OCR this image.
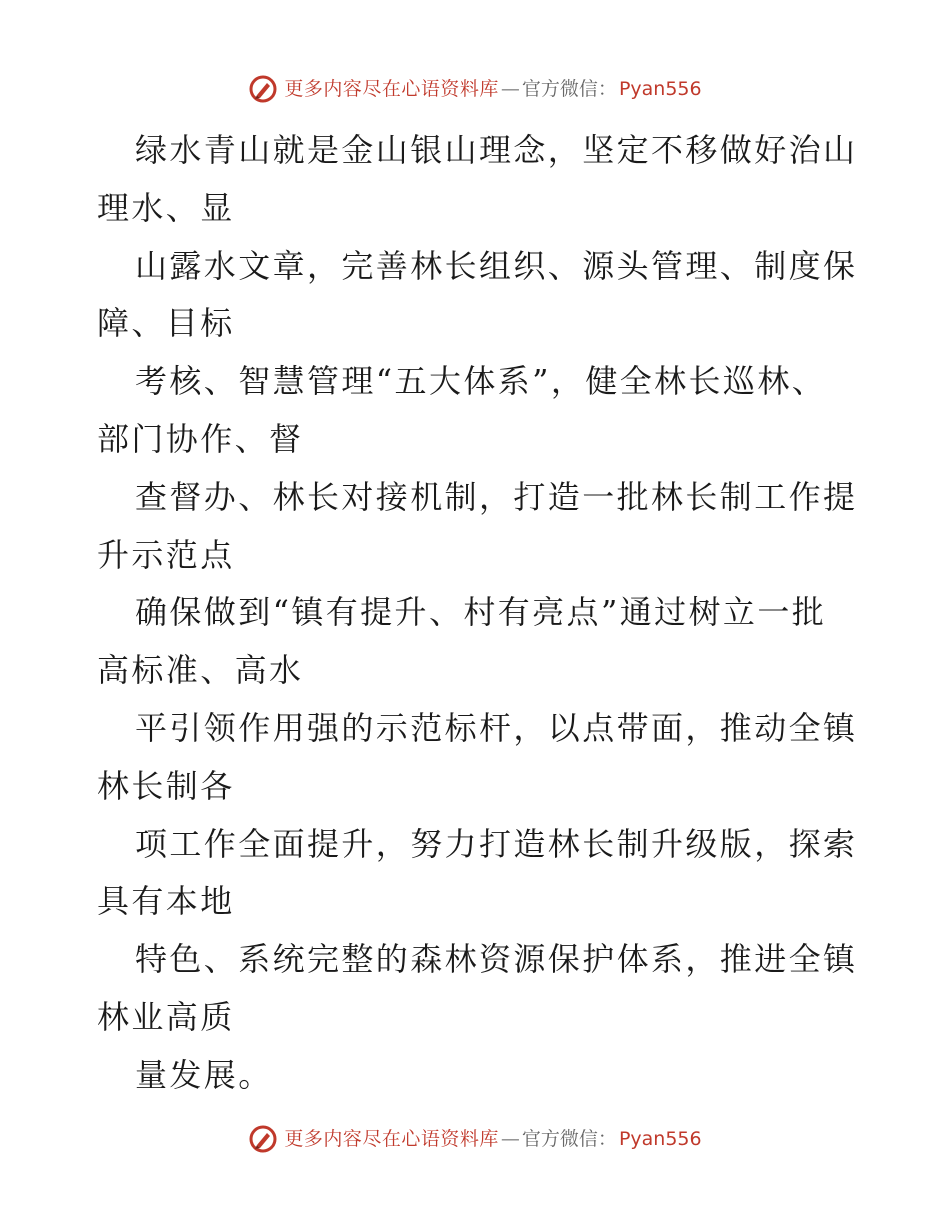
更多内容尽在心语资料库 — 官方微信： Pyan556
绿水青山就是金山银山理念，坚定不移做好治山
理水、显
山露水文章，完善林长组织、源头管理、制度保
障、目标
考核、智慧管理“五大体系”，健全林长巡林、
部门协作、督
查督办、林长对接机制，打造一批林长制工作提
升示范点
确保做到“镇有提升、村有亮点”通过树立一批
高标准、高水
平引领作用强的示范标杆，以点带面，推动全镇
林长制各
项工作全面提升，努力打造林长制升级版，探索
具有本地
特色、系统完整的森林资源保护体系，推进全镇
林业高质
量发展。
更多内容尽在心语资料库 — 官方微信： Pyan556
